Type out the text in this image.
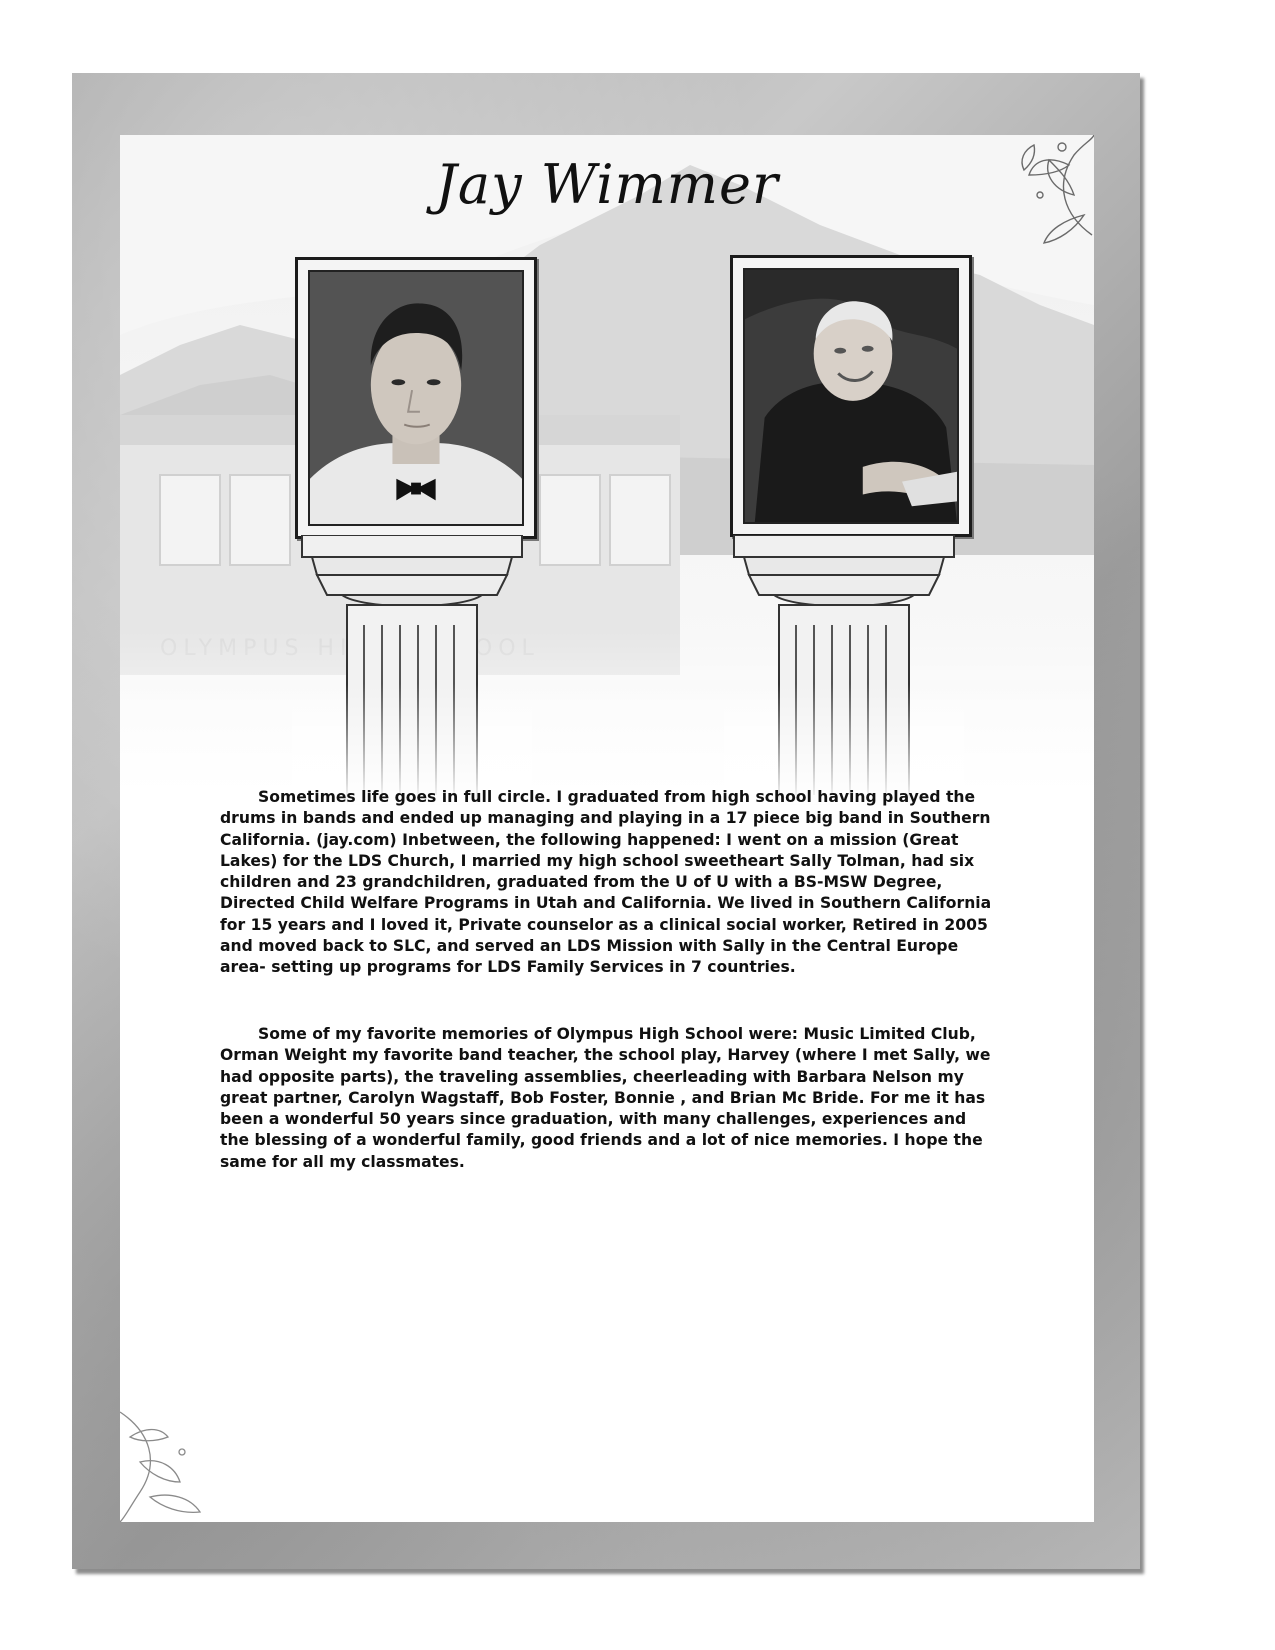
Jay Wimmer

Sometimes life goes in full circle. I graduated from high school having played the drums in bands and ended up managing and playing in a 17 piece big band in Southern California. (jay.com) Inbetween, the following happened: I went on a mission (Great Lakes) for the LDS Church, I married my high school sweetheart Sally Tolman, had six children and 23 grandchildren, graduated from the U of U with a BS-MSW Degree, Directed Child Welfare Programs in Utah and California. We lived in Southern California for 15 years and I loved it, Private counselor as a clinical social worker, Retired in 2005 and moved back to SLC, and served an LDS Mission with Sally in the Central Europe area- setting up programs for LDS Family Services in 7 countries.

Some of my favorite memories of Olympus High School were: Music Limited Club, Orman Weight my favorite band teacher, the school play, Harvey (where I met Sally, we had opposite parts), the traveling assemblies, cheerleading with Barbara Nelson my great partner, Carolyn Wagstaff, Bob Foster, Bonnie , and Brian Mc Bride. For me it has been a wonderful 50 years since graduation, with many challenges, experiences and the blessing of a wonderful family, good friends and a lot of nice memories. I hope the same for all my classmates.
